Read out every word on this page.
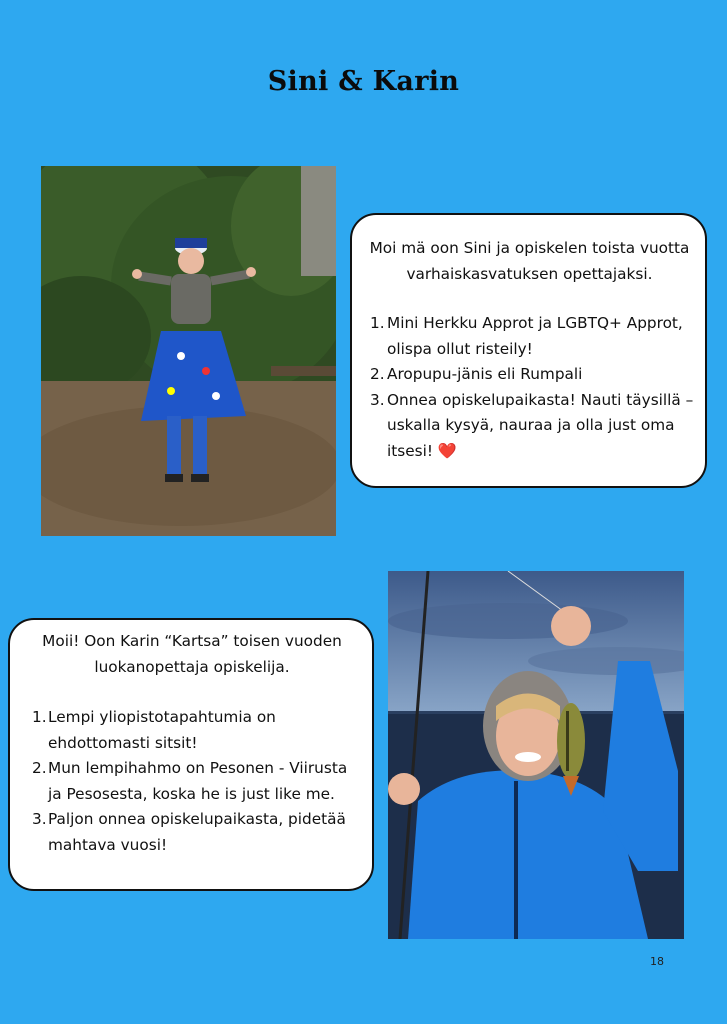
Sini & Karin
Moi mä oon Sini ja opiskelen toista vuotta varhaiskasvatuksen opettajaksi.
1. Mini Herkku Approt ja LGBTQ+ Approt, olispa ollut risteily!
2. Aropupu-jänis eli Rumpali
3. Onnea opiskelupaikasta! Nauti täysillä – uskalla kysyä, nauraa ja olla just oma itsesi! ❤️
Moii! Oon Karin “Kartsa” toisen vuoden luokanopettaja opiskelija.
1. Lempi yliopistotapahtumia on ehdottomasti sitsit!
2. Mun lempihahmo on Pesonen - Viirusta ja Pesosesta, koska he is just like me.
3. Paljon onnea opiskelupaikasta, pidetää mahtava vuosi!
18
